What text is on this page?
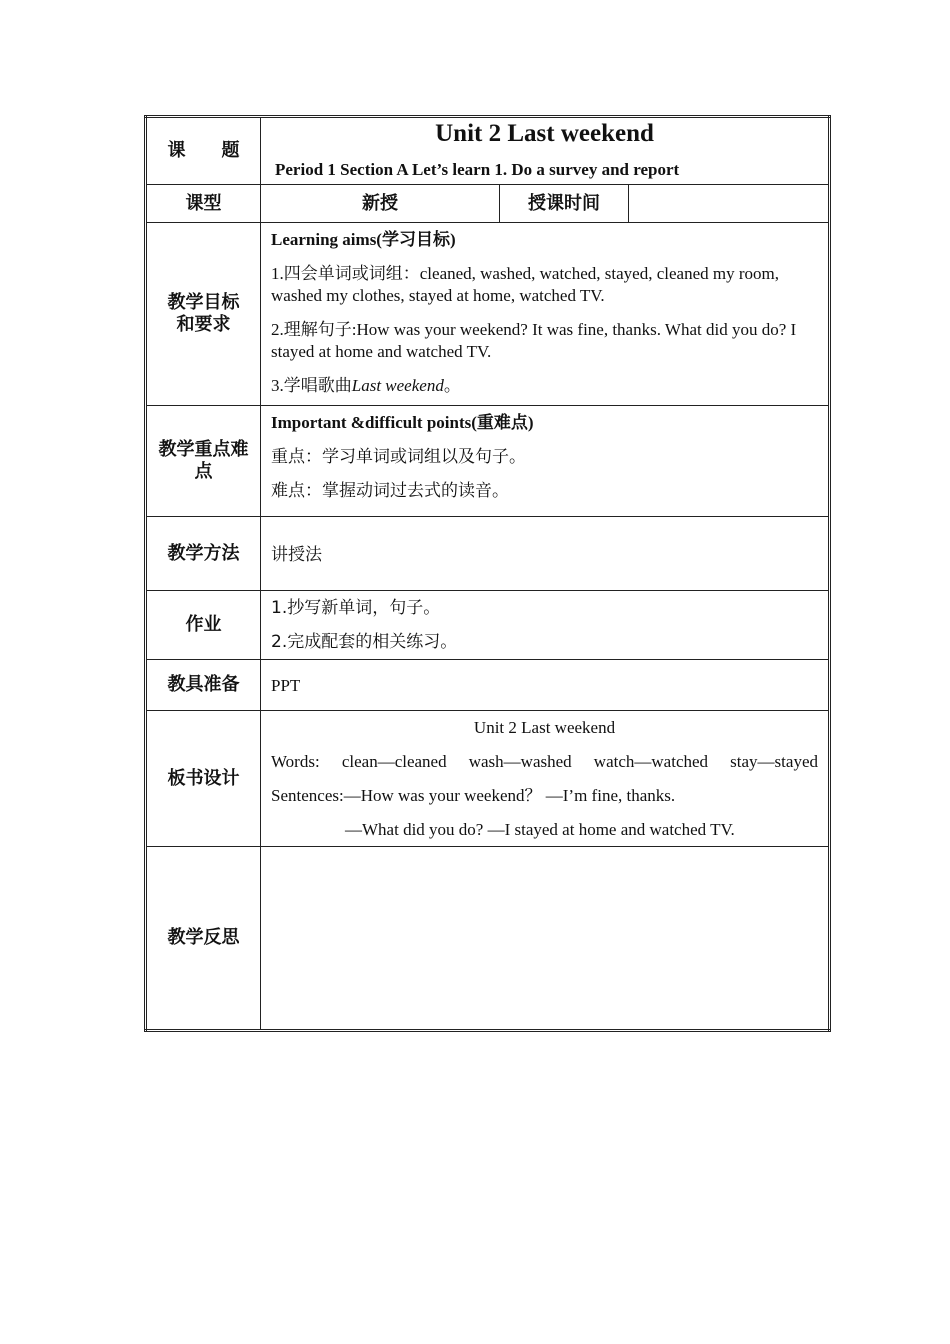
课　　题	Unit 2 Last weekend
Period 1 Section A Let’s learn 1. Do a survey and report		

课型	新授	授课时间	
教学目标和要求	Learning aims(学习目标)

1.四会单词或词组：cleaned, washed, watched, stayed, cleaned my room, washed my clothes, stayed at home, watched TV.

2.理解句子:How was your weekend? It was fine, thanks. What did you do? I stayed at home and watched TV.

3.学唱歌曲Last weekend。		

教学重点难点	Important &difficult points(重难点)

重点：学习单词或词组以及句子。

难点：掌握动词过去式的读音。		

教学方法	讲授法		
作业	1.抄写新单词，句子。

2.完成配套的相关练习。		

教具准备	PPT		
板书设计	Unit 2 Last weekend

Words: clean—cleaned wash—washed watch—watched stay—stayed

Sentences:—How was your weekend？ —I’m fine, thanks.

—What did you do? —I stayed at home and watched TV.		

教学反思			
